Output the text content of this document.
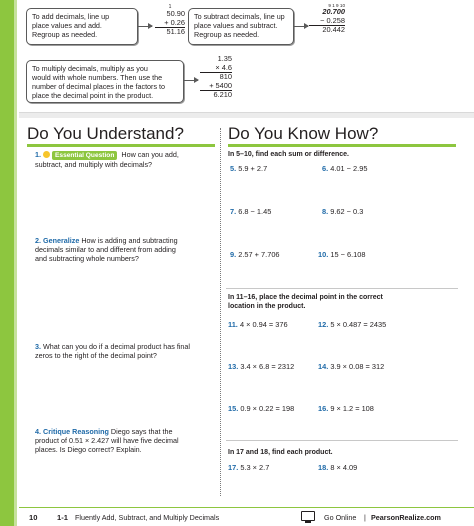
To add decimals, line up
place values and add.
Regroup as needed.
1
50.90
+ 0.26
51.16
To subtract decimals, line up
place values and subtract.
Regroup as needed.
9 1 9 10
20.700
− 0.258
20.442
To multiply decimals, multiply as you
would with whole numbers. Then use the
number of decimal places in the factors to
place the decimal point in the product.
1.35
× 4.6
810
+ 5400
6.210
Do You Understand?
1. Essential Question How can you add,
subtract, and multiply with decimals?
2. Generalize How is adding and subtracting
decimals similar to and different from adding
and subtracting whole numbers?
3. What can you do if a decimal product has final
zeros to the right of the decimal point?
4. Critique Reasoning Diego says that the
product of 0.51 × 2.427 will have five decimal
places. Is Diego correct? Explain.
Do You Know How?
In 5–10, find each sum or difference.
5. 5.9 + 2.7	6. 4.01 − 2.95
7. 6.8 − 1.45	8. 9.62 − 0.3
9. 2.57 + 7.706	10. 15 − 6.108
In 11–16, place the decimal point in the correct
location in the product.
11. 4 × 0.94 = 376	12. 5 × 0.487 = 2435
13. 3.4 × 6.8 = 2312	14. 3.9 × 0.08 = 312
15. 0.9 × 0.22 = 198	16. 9 × 1.2 = 108
In 17 and 18, find each product.
17. 5.3 × 2.7	18. 8 × 4.09
10	1-1 Fluently Add, Subtract, and Multiply Decimals	Go Online | PearsonRealize.com
